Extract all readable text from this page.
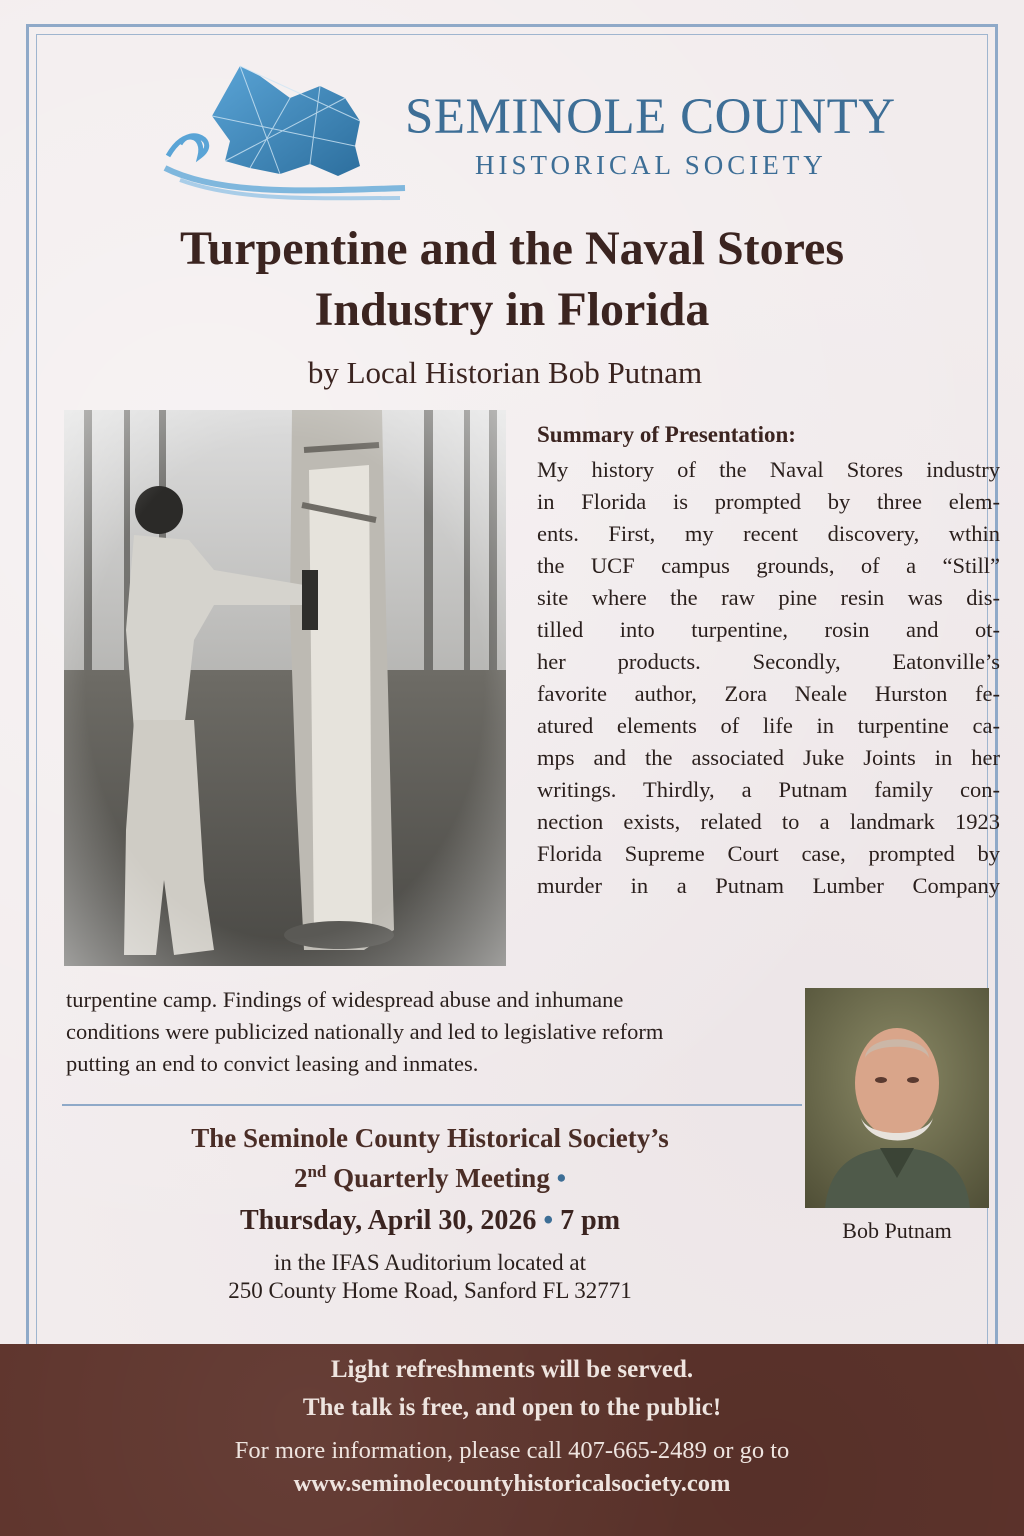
SEMINOLE COUNTY
HISTORICAL SOCIETY
Turpentine and the Naval Stores
Industry in Florida
by Local Historian Bob Putnam
Summary of Presentation:
My history of the Naval Stores industry
in Florida is prompted by three elem-
ents. First, my recent discovery, wthin
the UCF campus grounds, of a “Still”
site where the raw pine resin was dis-
tilled into turpentine, rosin and ot-
her products. Secondly, Eatonville’s
favorite author, Zora Neale Hurston fe-
atured elements of life in turpentine ca-
mps and the associated Juke Joints in her
writings. Thirdly, a Putnam family con-
nection exists, related to a landmark 1923
Florida Supreme Court case, prompted by
murder in a Putnam Lumber Company
turpentine camp. Findings of widespread abuse and inhumane
conditions were publicized nationally and led to legislative reform
putting an end to convict leasing and inmates.
Bob Putnam
The Seminole County Historical Society’s
2nd Quarterly Meeting •
Thursday, April 30, 2026 • 7 pm
in the IFAS Auditorium located at
250 County Home Road, Sanford FL 32771
Light refreshments will be served.
The talk is free, and open to the public!
For more information, please call 407-665-2489 or go to
www.seminolecountyhistoricalsociety.com
